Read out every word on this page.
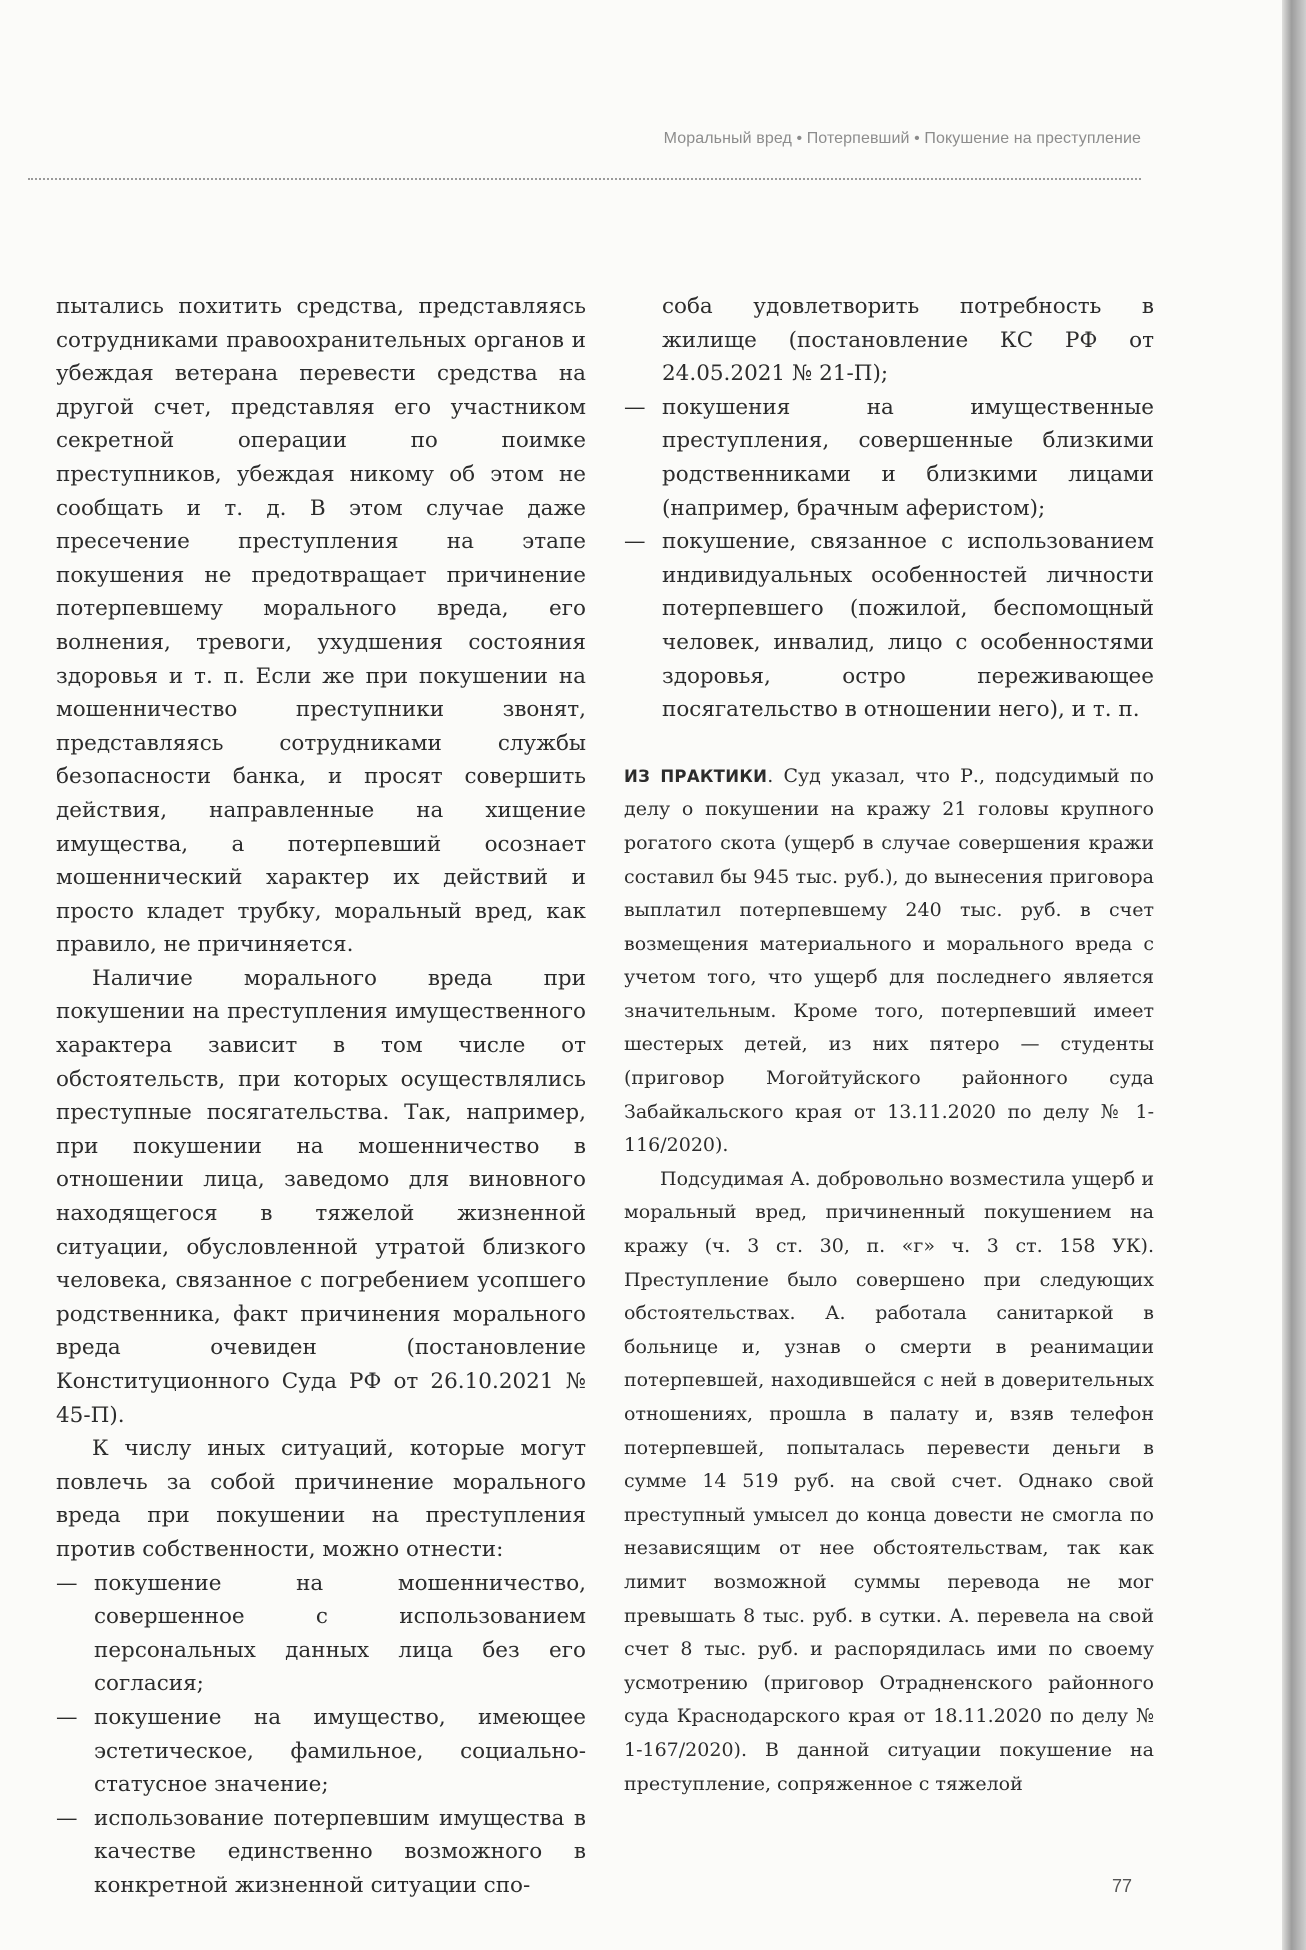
Моральный вред • Потерпевший • Покушение на преступление

пытались похитить средства, представляясь сотрудниками правоохранительных органов и убеждая ветерана перевести средства на другой счет, представляя его участником секретной операции по поимке преступников, убеждая никому об этом не сообщать и т. д. В этом случае даже пресечение преступления на этапе покушения не предотвращает причинение потерпевшему морального вреда, его волнения, тревоги, ухудшения состояния здоровья и т. п. Если же при покушении на мошенничество преступники звонят, представляясь сотрудниками службы безопасности банка, и просят совершить действия, направленные на хищение имущества, а потерпевший осознает мошеннический характер их действий и просто кладет трубку, моральный вред, как правило, не причиняется.

Наличие морального вреда при покушении на преступления имущественного характера зависит в том числе от обстоятельств, при которых осуществлялись преступные посягательства. Так, например, при покушении на мошенничество в отношении лица, заведомо для виновного находящегося в тяжелой жизненной ситуации, обусловленной утратой близкого человека, связанное с погребением усопшего родственника, факт причинения морального вреда очевиден (постановление Конституционного Суда РФ от 26.10.2021 № 45-П).

К числу иных ситуаций, которые могут повлечь за собой причинение морального вреда при покушении на преступления против собственности, можно отнести:

— покушение на мошенничество, совершенное с использованием персональных данных лица без его согласия;

— покушение на имущество, имеющее эстетическое, фамильное, социально-статусное значение;

— использование потерпевшим имущества в качестве единственно возможного в конкретной жизненной ситуации спо-

соба удовлетворить потребность в жилище (постановление КС РФ от 24.05.2021 № 21-П);

— покушения на имущественные преступления, совершенные близкими родственниками и близкими лицами (например, брачным аферистом);

— покушение, связанное с использованием индивидуальных особенностей личности потерпевшего (пожилой, беспомощный человек, инвалид, лицо с особенностями здоровья, остро переживающее посягательство в отношении него), и т. п.

ИЗ ПРАКТИКИ. Суд указал, что Р., подсудимый по делу о покушении на кражу 21 головы крупного рогатого скота (ущерб в случае совершения кражи составил бы 945 тыс. руб.), до вынесения приговора выплатил потерпевшему 240 тыс. руб. в счет возмещения материального и морального вреда с учетом того, что ущерб для последнего является значительным. Кроме того, потерпевший имеет шестерых детей, из них пятеро — студенты (приговор Могойтуйского районного суда Забайкальского края от 13.11.2020 по делу № 1-116/2020).

Подсудимая А. добровольно возместила ущерб и моральный вред, причиненный покушением на кражу (ч. 3 ст. 30, п. «г» ч. 3 ст. 158 УК). Преступление было совершено при следующих обстоятельствах. А. работала санитаркой в больнице и, узнав о смерти в реанимации потерпевшей, находившейся с ней в доверительных отношениях, прошла в палату и, взяв телефон потерпевшей, попыталась перевести деньги в сумме 14 519 руб. на свой счет. Однако свой преступный умысел до конца довести не смогла по независящим от нее обстоятельствам, так как лимит возможной суммы перевода не мог превышать 8 тыс. руб. в сутки. А. перевела на свой счет 8 тыс. руб. и распорядилась ими по своему усмотрению (приговор Отрадненского районного суда Краснодарского края от 18.11.2020 по делу № 1-167/2020). В данной ситуации покушение на преступление, сопряженное с тяжелой

77
